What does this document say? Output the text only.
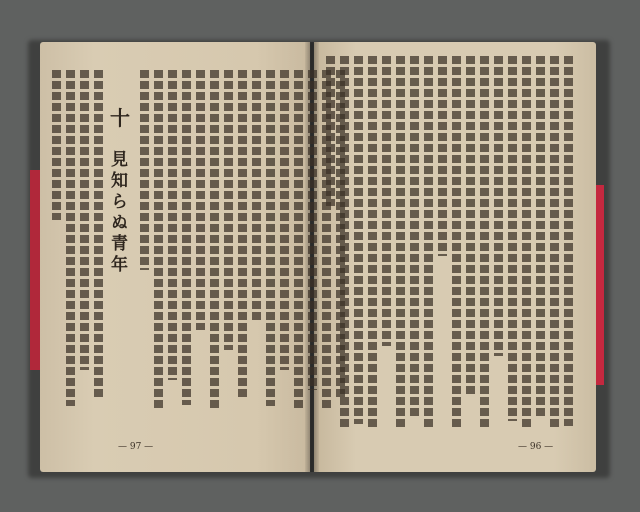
十
見知らぬ青年
— 97 —	— 96 —
